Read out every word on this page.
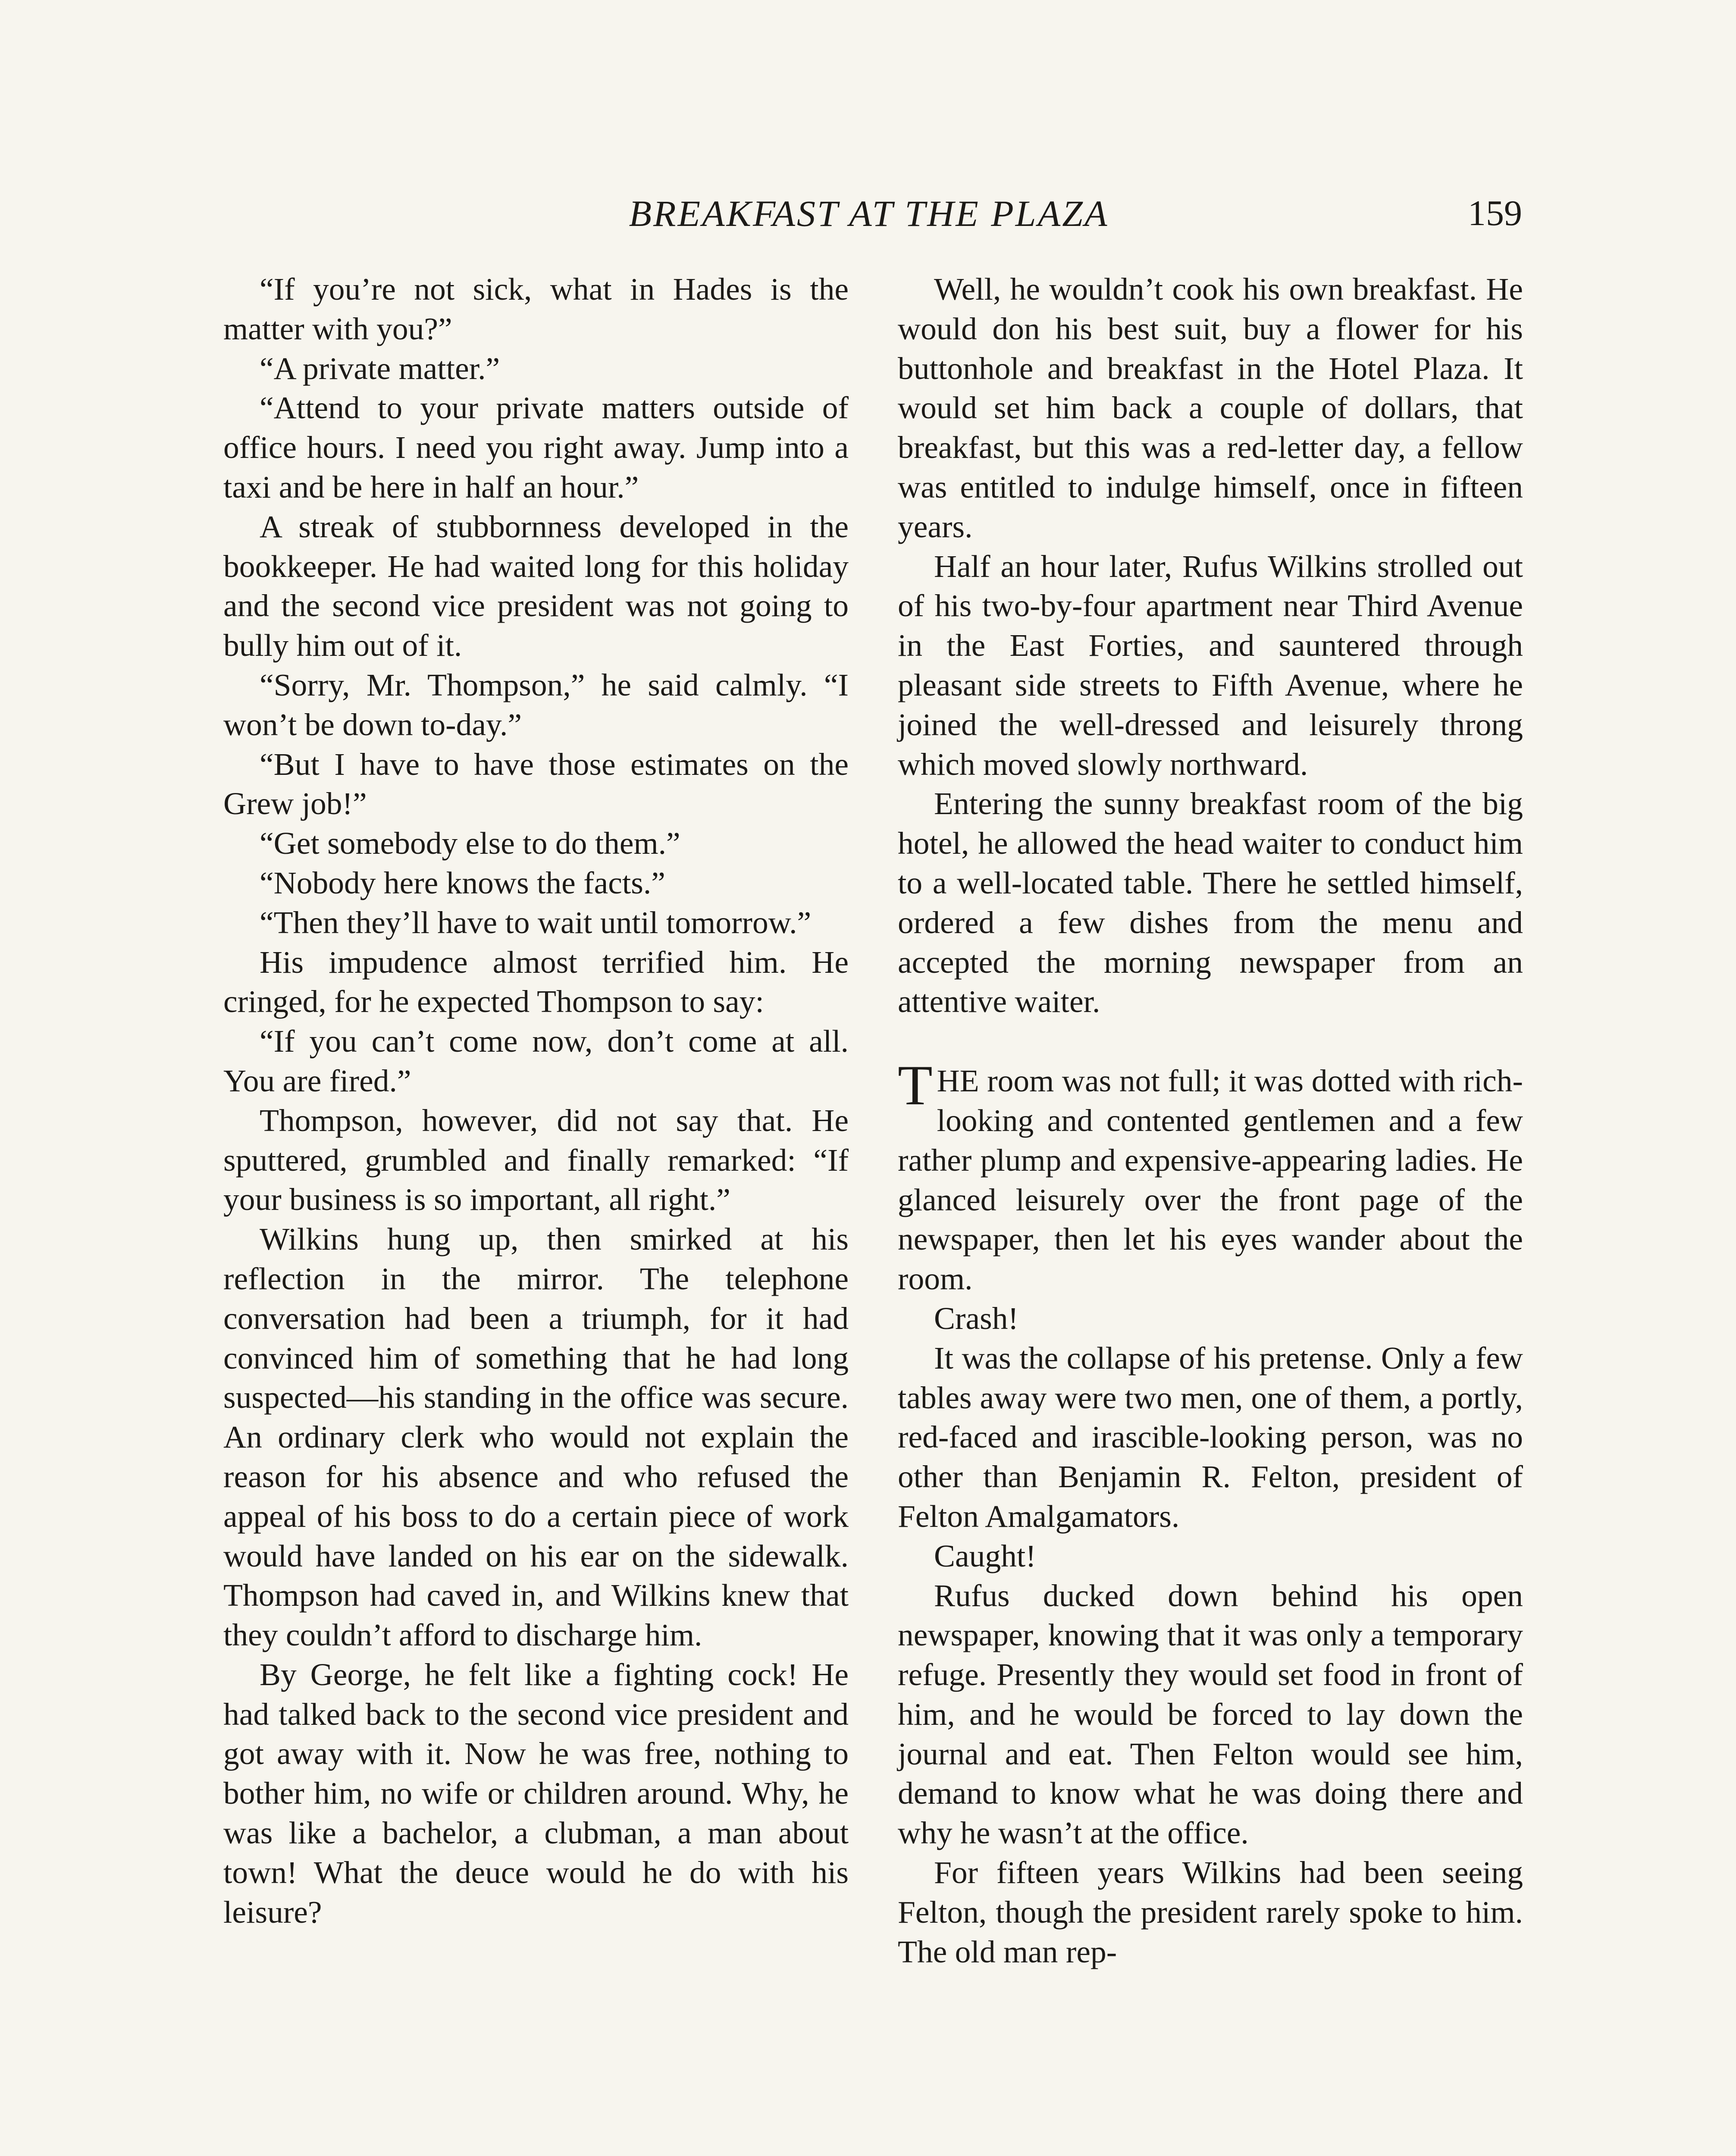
BREAKFAST AT THE PLAZA	159

“If you’re not sick, what in Hades is the matter with you?”

“A private matter.”

“Attend to your private matters outside of office hours. I need you right away. Jump into a taxi and be here in half an hour.”

A streak of stubbornness developed in the bookkeeper. He had waited long for this holiday and the second vice president was not going to bully him out of it.

“Sorry, Mr. Thompson,” he said calmly. “I won’t be down to-day.”

“But I have to have those estimates on the Grew job!”

“Get somebody else to do them.”

“Nobody here knows the facts.”

“Then they’ll have to wait until tomorrow.”

His impudence almost terrified him. He cringed, for he expected Thompson to say:

“If you can’t come now, don’t come at all. You are fired.”

Thompson, however, did not say that. He sputtered, grumbled and finally remarked: “If your business is so important, all right.”

Wilkins hung up, then smirked at his reflection in the mirror. The telephone conversation had been a triumph, for it had convinced him of something that he had long suspected—his standing in the office was secure. An ordinary clerk who would not explain the reason for his absence and who refused the appeal of his boss to do a certain piece of work would have landed on his ear on the sidewalk. Thompson had caved in, and Wilkins knew that they couldn’t afford to discharge him.

By George, he felt like a fighting cock! He had talked back to the second vice president and got away with it. Now he was free, nothing to bother him, no wife or children around. Why, he was like a bachelor, a clubman, a man about town! What the deuce would he do with his leisure?

Well, he wouldn’t cook his own breakfast. He would don his best suit, buy a flower for his buttonhole and breakfast in the Hotel Plaza. It would set him back a couple of dollars, that breakfast, but this was a red-letter day, a fellow was entitled to indulge himself, once in fifteen years.

Half an hour later, Rufus Wilkins strolled out of his two-by-four apartment near Third Avenue in the East Forties, and sauntered through pleasant side streets to Fifth Avenue, where he joined the well-dressed and leisurely throng which moved slowly northward.

Entering the sunny breakfast room of the big hotel, he allowed the head waiter to conduct him to a well-located table. There he settled himself, ordered a few dishes from the menu and accepted the morning newspaper from an attentive waiter.

THE room was not full; it was dotted with rich-looking and contented gentlemen and a few rather plump and expensive-appearing ladies. He glanced leisurely over the front page of the newspaper, then let his eyes wander about the room.

Crash!

It was the collapse of his pretense. Only a few tables away were two men, one of them, a portly, red-faced and irascible-looking person, was no other than Benjamin R. Felton, president of Felton Amalgamators.

Caught!

Rufus ducked down behind his open newspaper, knowing that it was only a temporary refuge. Presently they would set food in front of him, and he would be forced to lay down the journal and eat. Then Felton would see him, demand to know what he was doing there and why he wasn’t at the office.

For fifteen years Wilkins had been seeing Felton, though the president rarely spoke to him. The old man rep-
